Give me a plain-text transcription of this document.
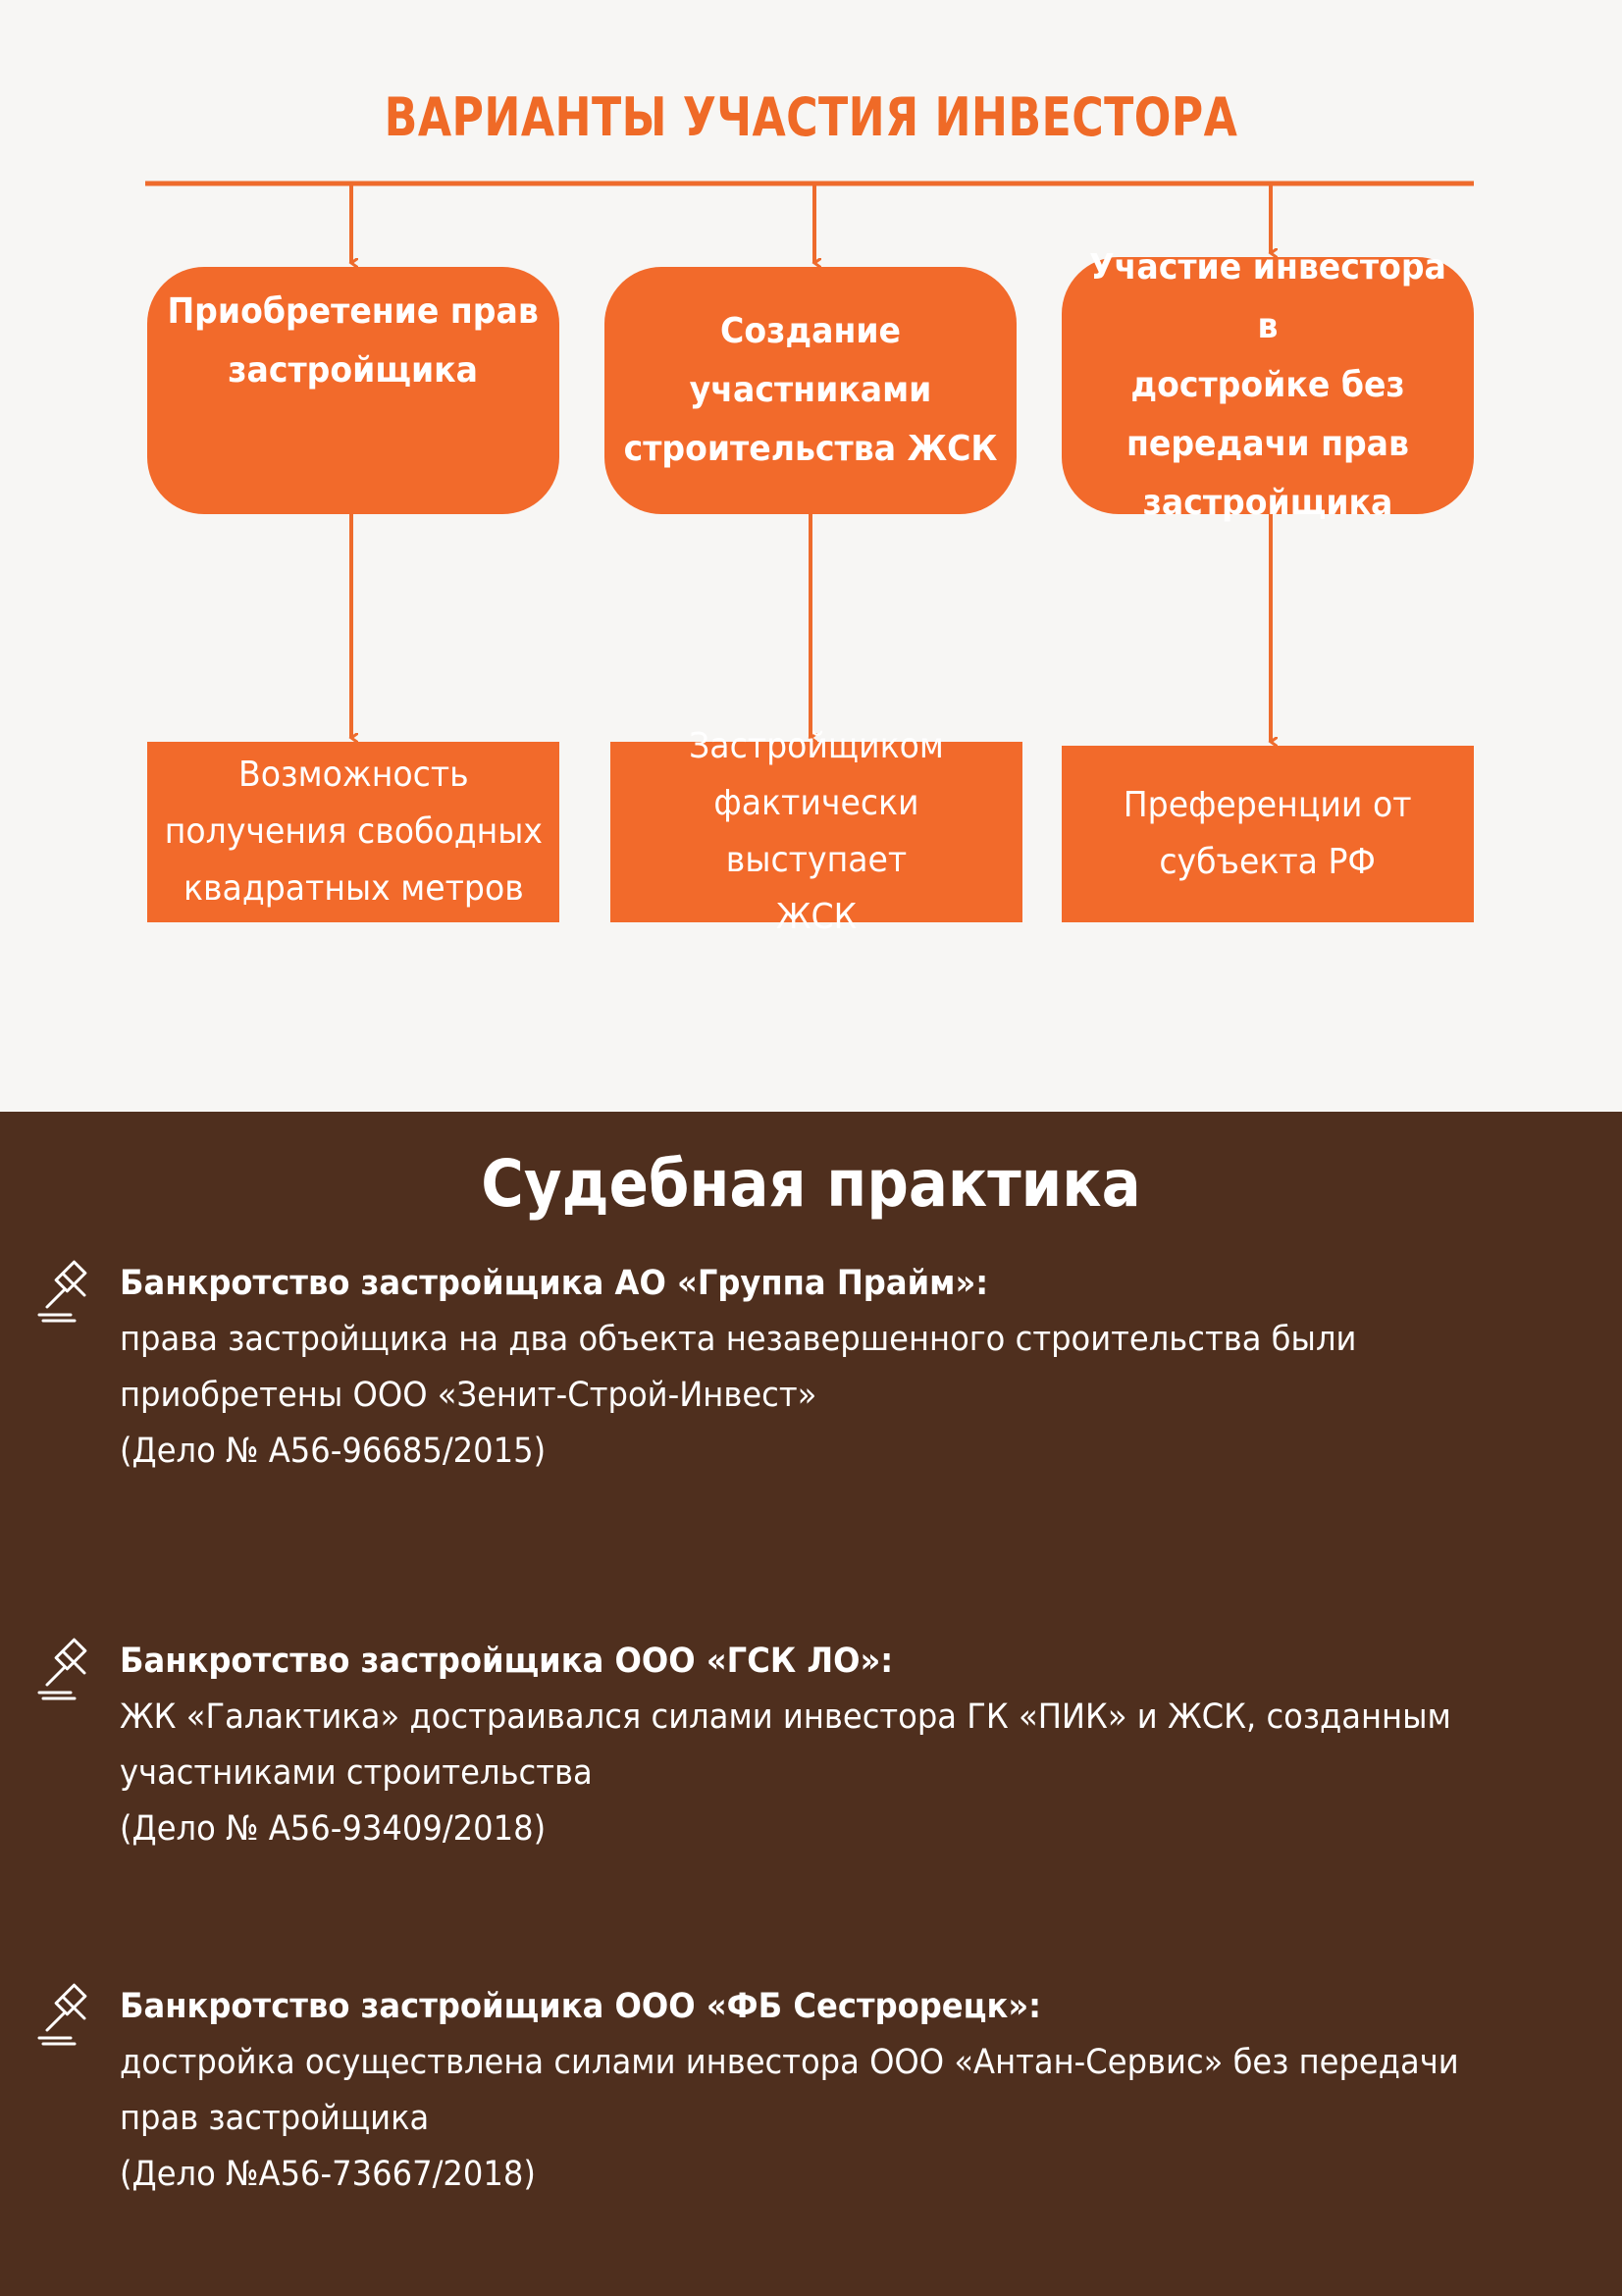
ВАРИАНТЫ УЧАСТИЯ ИНВЕСТОРА
Приобретение прав
застройщика
Создание
участниками
строительства ЖСК
Участие инвестора в
достройке без
передачи прав
застройщика
Возможность
получения свободных
квадратных метров
Застройщиком
фактически выступает
ЖСК
Преференции от
субъекта РФ
Судебная практика
Банкротство застройщика АО «Группа Прайм»:
права застройщика на два объекта незавершенного строительства были
приобретены ООО «Зенит-Строй-Инвест»
(Дело № А56-96685/2015)
Банкротство застройщика ООО «ГСК ЛО»:
ЖК «Галактика» достраивался силами инвестора ГК «ПИК» и ЖСК, созданным
участниками строительства
(Дело № А56-93409/2018)
Банкротство застройщика ООО «ФБ Сестрорецк»:
достройка осуществлена силами инвестора ООО «Антан-Сервис» без передачи
прав застройщика
(Дело №А56-73667/2018)
